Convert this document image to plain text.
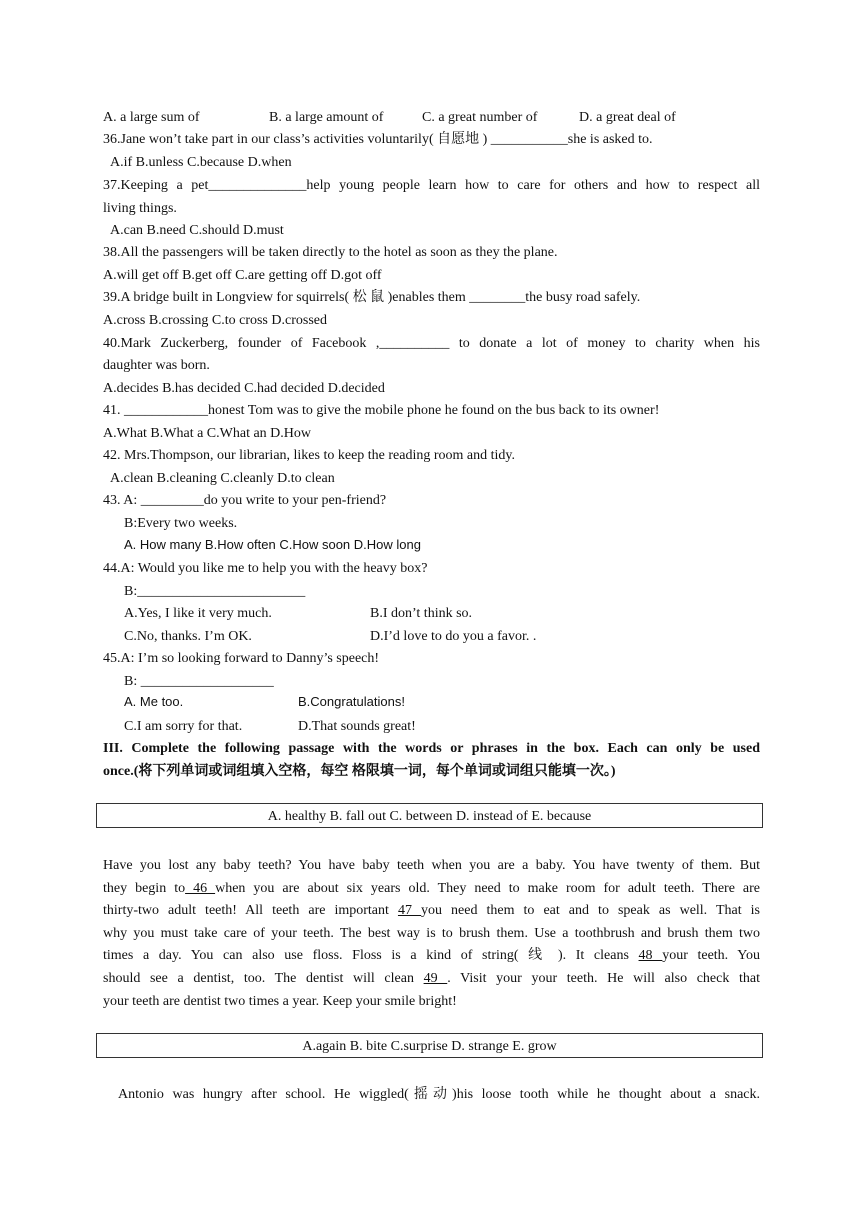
A. a large sum of	B. a large amount of	C. a great number of	D. a great deal of
36.Jane won’t take part in our class’s activities voluntarily( 自愿地 ) ___________she is asked to.
A.if B.unless C.because D.when
37.Keeping a pet______________help young people learn how to care for others and how to respect all
living things.
A.can B.need C.should D.must
38.All the passengers will be taken directly to the hotel as soon as they the plane.
A.will get off B.get off C.are getting off D.got off
39.A bridge built in Longview for squirrels( 松 鼠 )enables them ________the busy road safely.
A.cross B.crossing C.to cross D.crossed
40.Mark Zuckerberg, founder of Facebook ,__________ to donate a lot of money to charity when his
daughter was born.
A.decides B.has decided C.had decided D.decided
41. ____________honest Tom was to give the mobile phone he found on the bus back to its owner!
A.What B.What a C.What an D.How
42. Mrs.Thompson, our librarian, likes to keep the reading room and tidy.
A.clean B.cleaning C.cleanly D.to clean
43. A: _________do you write to your pen-friend?
B:Every two weeks.
A. How many B.How often C.How soon D.How long
44.A: Would you like me to help you with the heavy box?
B:________________________
A.Yes, I like it very much.	B.I don’t think so.
C.No, thanks. I’m OK.	D.I’d love to do you a favor. .
45.A: I’m so looking forward to Danny’s speech!
B: ___________________
A. Me too.	B.Congratulations!
C.I am sorry for that.	D.That sounds great!
III. Complete the following passage with the words or phrases in the box. Each can only be used
once.(将下列单词或词组填入空格，每空 格限填一词，每个单词或词组只能填一次。)
A. healthy B. fall out C. between D. instead of E. because
Have you lost any baby teeth? You have baby teeth when you are a baby. You have twenty of them. But
they begin to 46 when you are about six years old. They need to make room for adult teeth. There are
thirty-two adult teeth! All teeth are important 47 you need them to eat and to speak as well. That is
why you must take care of your teeth. The best way is to brush them. Use a toothbrush and brush them two
times a day. You can also use floss. Floss is a kind of string( 线 ). It cleans 48 your teeth. You
should see a dentist, too. The dentist will clean 49 . Visit your your teeth. He will also check that
your teeth are dentist two times a year. Keep your smile bright!
A.again B. bite C.surprise D. strange E. grow
Antonio was hungry after school. He wiggled(摇动)his loose tooth while he thought about a snack.
